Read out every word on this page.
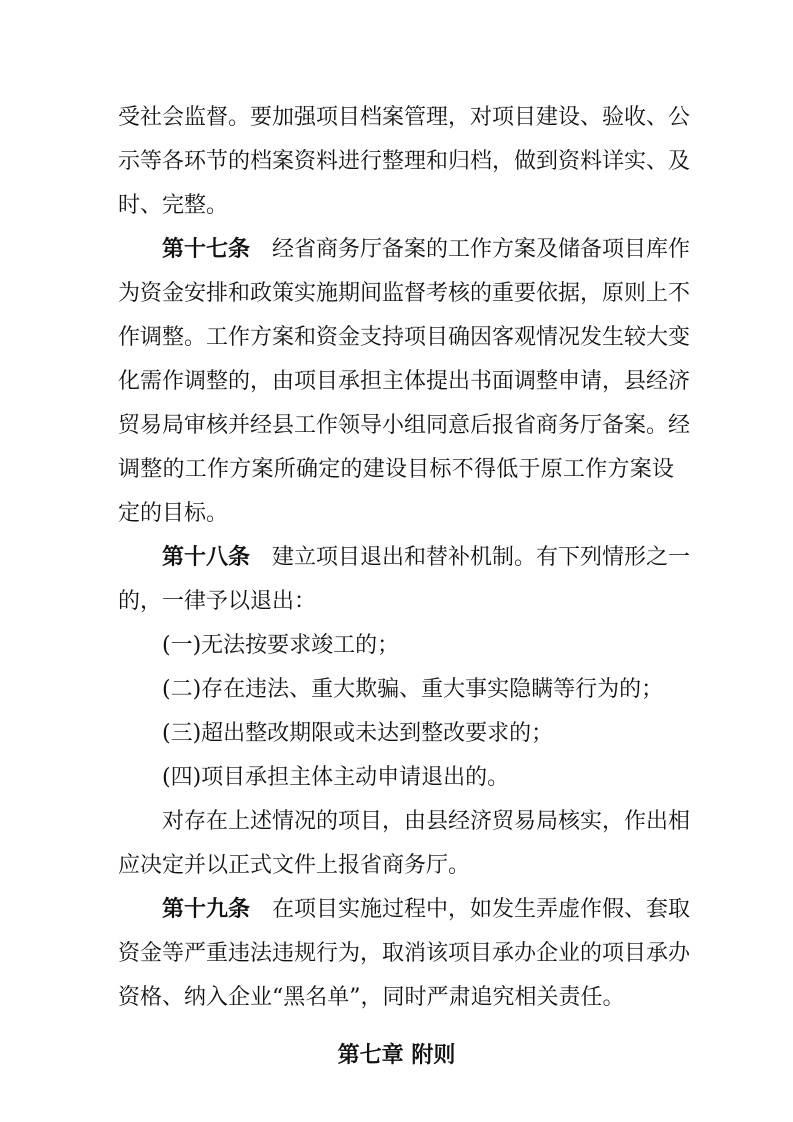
受社会监督。要加强项目档案管理，对项目建设、验收、公
示等各环节的档案资料进行整理和归档，做到资料详实、及
时、完整。
第十七条  经省商务厅备案的工作方案及储备项目库作
为资金安排和政策实施期间监督考核的重要依据，原则上不
作调整。工作方案和资金支持项目确因客观情况发生较大变
化需作调整的，由项目承担主体提出书面调整申请，县经济
贸易局审核并经县工作领导小组同意后报省商务厅备案。经
调整的工作方案所确定的建设目标不得低于原工作方案设
定的目标。
第十八条  建立项目退出和替补机制。有下列情形之一
的，一律予以退出：
(一)无法按要求竣工的；
(二)存在违法、重大欺骗、重大事实隐瞒等行为的；
(三)超出整改期限或未达到整改要求的；
(四)项目承担主体主动申请退出的。
对存在上述情况的项目，由县经济贸易局核实，作出相
应决定并以正式文件上报省商务厅。
第十九条  在项目实施过程中，如发生弄虚作假、套取
资金等严重违法违规行为，取消该项目承办企业的项目承办
资格、纳入企业“黑名单”，同时严肃追究相关责任。
第七章 附则
